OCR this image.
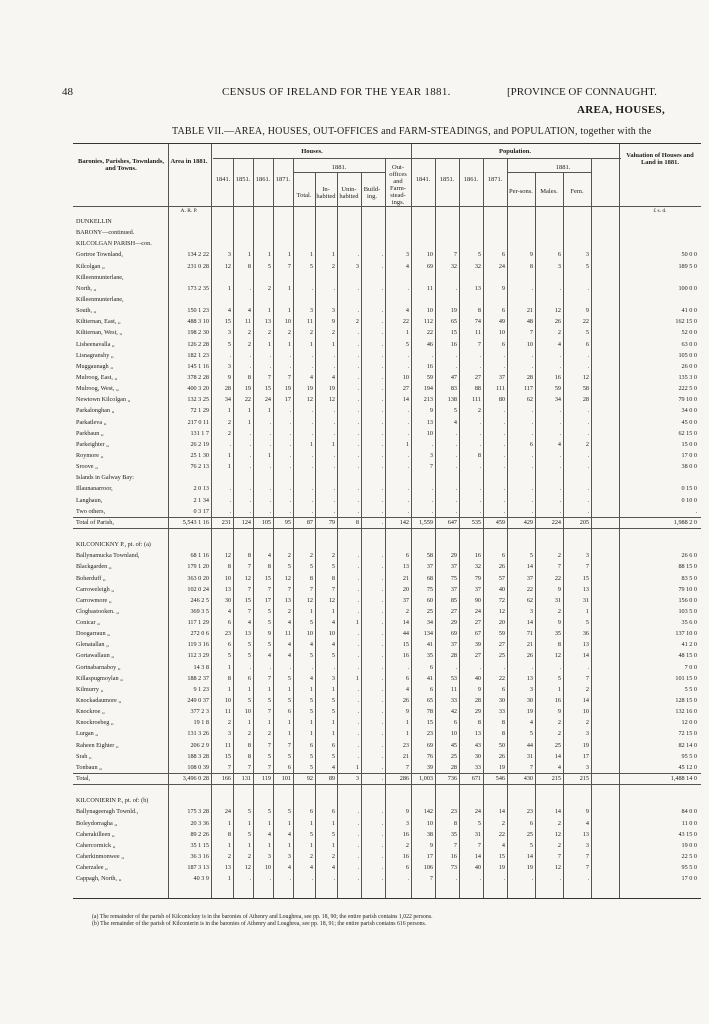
48	CENSUS OF IRELAND FOR THE YEAR 1881.	[PROVINCE OF CONNAUGHT.
AREA, HOUSES,
TABLE VII.—AREA, HOUSES, OUT-OFFICES and FARM-STEADINGS, and POPULATION, together with the
Baronies, Parishes, Townlands, and Towns.
Area in 1881.
Houses.
1841. 1851. 1861. 1871.
1881.
Total.
In-habited
Unin-habited
Build-ing.
Out-offices and Farm-stead-ings.
Population.
1841.	1851.	1861.	1871.
1881.
Per-sons.	Males.	Fem.
Valuation of Houses and Land in 1881.
A. R. P.	£ s. d.
DUNKELLIN
BARONY—continued.
KILCOLGAN PARISH—con.
Gortroe Townland,	134 2 22	3	1	1	1	1	1	.	.	3	10	7	5	6	9	6	3	50 0 0
Kilcolgan „	231 0 28	12	8	5	7	5	2	3	.	4	69	32	32	24	8	3	5	189 5 0
Killeenmunterlane,
North, „	173 2 35	1	.	2	1	.	.	.	.	.	11	.	13	9	.	.	.	100 0 0
Killeenmunterlane,
South, „	150 1 23	4	4	1	1	3	3	.	.	4	10	19	8	6	21	12	9	41 0 0
Kiltiernan, East, „	488 3 10	15	11	13	10	11	9	2	.	22	112	65	74	49	48	26	22	162 15 0
Kiltiernan, West, „	198 2 30	3	2	2	2	2	2	.	.	1	22	15	11	10	7	2	5	52 0 0
Lisheenavalla „	126 2 28	5	2	1	1	1	1	.	.	5	46	16	7	6	10	4	6	63 0 0
Lisnagranshy „	182 1 23	.	.	.	.	.	.	.	.	.	.	.	.	.	.	.	.	105 0 0
Muggaunagh „	145 1 16	3	.	.	.	.	.	.	.	.	16	.	.	.	.	.	.	26 0 0
Mulroog, East, „	378 2 28	9	8	7	7	4	4	.	.	10	59	47	27	37	28	16	12	135 3 0
Mulroog, West, „	400 3 20	28	19	15	19	19	19	.	.	27	194	83	88	111	117	59	58	222 5 0
Newtown Kilcolgan „	132 3 25	34	22	24	17	12	12	.	.	14	213	138	111	80	62	34	28	79 10 0
Parkalonghan „	72 1 29	1	1	1	.	.	.	.	.	.	9	5	2	.	.	.	.	34 0 0
Parkatleva „	217 0 11	2	1	.	.	.	.	.	.	.	13	4	.	.	.	.	.	45 0 0
Parkbaun „	131 1 7	2	.	.	.	.	.	.	.	.	10	.	.	.	.	.	.	62 15 0
Parkeighter „	26 2 19	.	.	.	.	1	1	.	.	1	.	.	.	.	6	4	2	15 0 0
Roymore „	25 1 30	1	.	1	.	.	.	.	.	.	3	.	8	.	.	.	.	17 0 0
Sroove „	76 2 13	1	.	.	.	.	.	.	.	.	7	.	.	.	.	.	.	38 0 0
Islands in Galway Bay:
Illaunanarroor,	2 0 13	.	.	.	.	.	.	.	.	.	.	.	.	.	.	.	.	0 15 0
Langhaun,	2 1 34	.	.	.	.	.	.	.	.	.	.	.	.	.	.	.	.	0 10 0
Two others,	0 3 17	.	.	.	.	.	.	.	.	.	.	.	.	.	.	.	.	.
Total of Parish,	5,543 1 16	231	124	105	95	87	79	8	.	142	1,559	647	535	459	429	224	205	1,988 2 0
KILCONICKNY P., pt. of: (a)
Ballynamucka Townland,	68 1 16	12	8	4	2	2	2	.	.	6	58	29	16	6	5	2	3	26 6 0
Blackgarden „	179 1 20	8	7	8	5	5	5	.	.	13	37	37	32	26	14	7	7	88 15 0
Boherduff „	363 0 20	10	12	15	12	8	8	.	.	21	68	75	79	57	37	22	15	83 5 0
Carroweleigh „	102 0 24	13	7	7	7	7	7	.	.	20	75	37	37	40	22	9	13	79 10 0
Carrowmore „	246 2 5	30	15	17	13	12	12	.	.	37	60	85	90	72	62	31	31	156 0 0
Clogbastooken. „	369 3 5	4	7	5	2	1	1	.	.	2	25	27	24	12	3	2	1	103 5 0
Conicar „	117 1 29	6	4	5	4	5	4	1	.	14	34	29	27	20	14	9	5	35 6 0
Doogarraun „	272 0 6	23	13	9	11	10	10	.	.	44	134	69	67	59	71	35	36	137 10 0
Glenatallan „	119 3 16	6	5	5	4	4	4	.	.	15	41	37	39	27	21	8	13	41 2 0
Gortawallaun „	112 3 29	5	5	4	4	5	5	.	.	16	35	28	27	25	26	12	14	48 15 0
Gortnabarnaboy „	14 3 8	1	.	.	.	.	.	.	.	.	6	.	.	.	.	.	.	7 0 0
Killaspugmoylan „	188 2 37	8	6	7	5	4	3	1	.	6	41	53	40	22	13	5	7	101 15 0
Kilmurry „	9 1 23	1	1	1	1	1	1	.	.	4	6	11	9	6	3	1	2	5 5 0
Knockadaumore „	249 0 37	10	5	5	5	5	5	.	.	26	65	33	28	30	30	16	14	128 15 0
Knockroe „	377 2 3	11	10	7	6	5	5	.	.	9	78	42	29	33	19	9	10	132 16 0
Knockroebeg „	19 1 8	2	1	1	1	1	1	.	.	1	15	6	8	8	4	2	2	12 0 0
Lurgan „	131 3 26	3	2	2	1	1	1	.	.	1	23	10	13	8	5	2	3	72 15 0
Raheen Eighter „	206 2 9	11	8	7	7	6	6	.	.	23	69	45	43	50	44	25	19	82 14 0
Srah „	188 3 28	15	8	5	5	5	5	.	.	21	76	25	30	26	31	14	17	95 5 0
Tonbaun „	108 0 39	7	7	7	6	5	4	1	.	7	39	28	33	19	7	4	3	45 12 0
Total,	3,496 0 28	166	131	119	101	92	89	3	.	286	1,003	736	671	546	430	215	215	1,488 14 0
KILCONIERIN P., pt. of: (b)
Ballynageeragh Townld.,	175 3 28	24	5	5	5	6	6	.	.	9	142	23	24	14	23	14	9	84 0 0
Boleydorragha „	20 3 36	1	1	1	1	1	1	.	.	3	10	8	5	2	6	2	4	11 0 0
Caherakilleen „	89 2 26	8	5	4	4	5	5	.	.	16	38	35	31	22	25	12	13	43 15 0
Cahercormick „	35 1 15	1	1	1	1	1	1	.	.	2	9	7	7	4	5	2	3	19 0 0
Caherkinmonwee „	36 3 16	2	2	3	3	2	2	.	.	16	17	16	14	15	14	7	7	22 5 0
Caherzalee „	187 3 13	13	12	10	4	4	4	.	.	6	106	73	40	19	19	12	7	95 5 0
Cappagh, North, „	40 3 9	1	.	.	.	.	.	.	.	.	7	.	.	.	.	.	.	17 0 0
(a) The remainder of the parish of Kilconickny is in the baronies of Athenry and Loughrea, see pp. 18, 90; the entire parish contains 1,022 persons.
(b) The remainder of the parish of Kilconierin is in the baronies of Athenry and Loughrea, see pp. 18, 91; the entire parish contains 616 persons.
